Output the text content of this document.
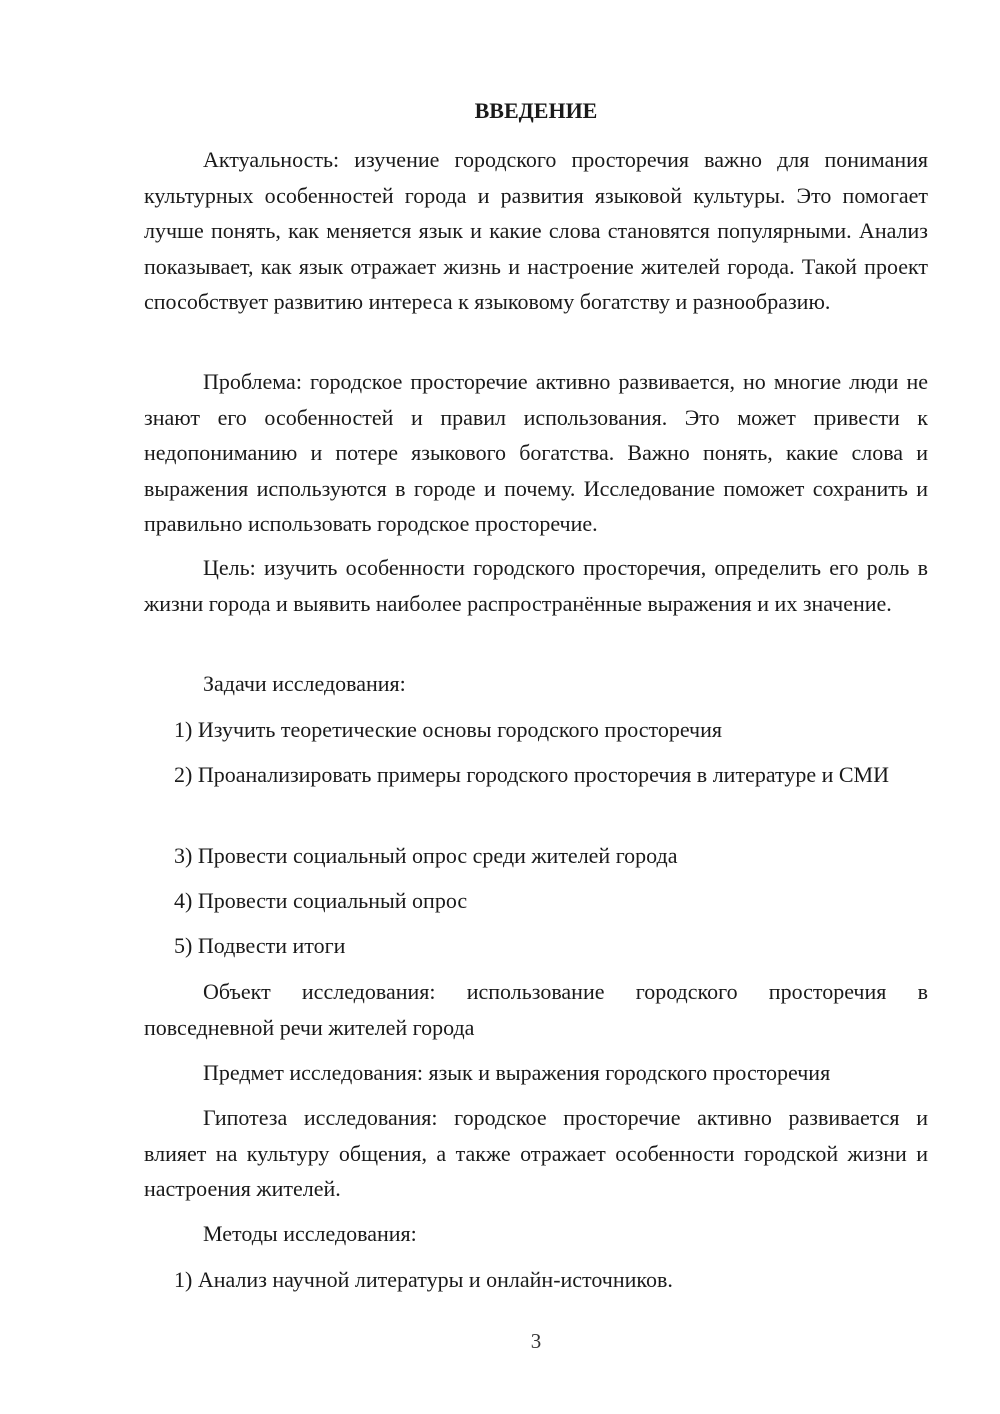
ВВЕДЕНИЕ

Актуальность: изучение городского просторечия важно для понимания культурных особенностей города и развития языковой культуры. Это помогает лучше понять, как меняется язык и какие слова становятся популярными. Анализ показывает, как язык отражает жизнь и настроение жителей города. Такой проект способствует развитию интереса к языковому богатству и разнообразию.

Проблема: городское просторечие активно развивается, но многие люди не знают его особенностей и правил использования. Это может привести к недопониманию и потере языкового богатства. Важно понять, какие слова и выражения используются в городе и почему. Исследование поможет сохранить и правильно использовать городское просторечие.

Цель: изучить особенности городского просторечия, определить его роль в жизни города и выявить наиболее распространённые выражения и их значение.

Задачи исследования:

1) Изучить теоретические основы городского просторечия

2) Проанализировать примеры городского просторечия в литературе и СМИ

3) Провести социальный опрос среди жителей города

4) Провести социальный опрос

5) Подвести итоги

Объект исследования: использование городского просторечия в повседневной речи жителей города

Предмет исследования: язык и выражения городского просторечия

Гипотеза исследования: городское просторечие активно развивается и влияет на культуру общения, а также отражает особенности городской жизни и настроения жителей.

Методы исследования:

1) Анализ научной литературы и онлайн-источников.

3
